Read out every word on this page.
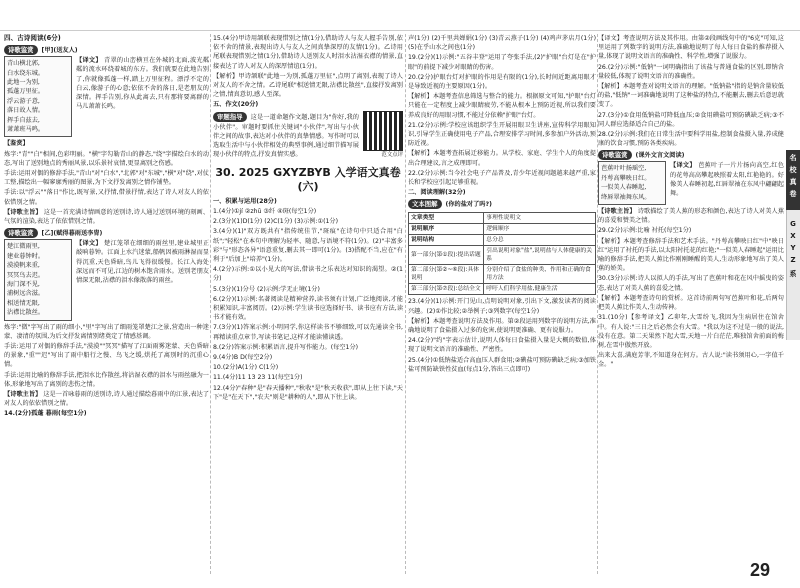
四、古诗阅读(6分)
诗歌鉴赏 [甲](送友人)
青山横北郭,
白水绕东城。
此地一为别,
孤蓬万里征。
浮云游子意,
落日故人情。
挥手自兹去,
萧萧班马鸣。
【译文】 青翠的山峦横亘在外城的北面,波光粼粼的流水环绕着城的东方。我们就要在此地告别了,你就像孤蓬一样,踏上万里征程。漂浮不定的白云,像游子的心意;依依不舍的落日,是老朋友的深情。挥手告别,你从此离去,只有那将要离群的马儿萧萧长鸣。
【鉴赏】
炼字:"青""白"相间,色彩明丽。"横"字勾勒青山的静态,"绕"字描绘白水的动态,写出了送别地点的秀丽风景,以乐景衬哀情,更显离别之伤感。
手法:运用对偶的修辞手法,"青山"对"白水","北郭"对"东城","横"对"绕",对仗工整,描绘出一幅寥廓秀丽的图景,为下文抒发离别之情作铺垫。
手法:以"浮云""落日"作比,既写景,又抒情,借景抒情,表达了诗人对友人的依依惜别之情。
【诗歌主旨】 这是一首充满诗情画意的送别诗,诗人通过送别环境的刻画、气氛的渲染,表达了依依惜别之情。
诗歌鉴赏 [乙](赋得暮雨送李胄)
楚江微雨里,
建业暮钟时。
漠漠帆来重,
冥冥鸟去迟。
海门深不见,
浦树远含滋。
相送情无限,
沾襟比散丝。
【译文】 楚江笼罩在细细的雨丝里,建业城里正敲响暮钟。江面上水汽迷蒙,船帆因被雨淋湿而显得沉重,天色昏暗,鸟儿飞得很缓慢。长江入海处深远而不可见,江边的树木饱含雨水。送别老朋友情深无限,沾襟的泪水像散落的雨丝。
炼字:"微"字写出了雨的细小,"里"字写出了细雨笼罩楚江之景,营造出一种迷蒙、凄清的氛围,为后文抒发离情别绪奠定了情感基调。
手法:运用了对偶的修辞手法,"漠漠""冥冥"描写了江面雨雾迷蒙、天色昏暗的景象,"重""迟"写出了雨中船行之慢、鸟飞之缓,烘托了离别时的沉重心情。
手法:运用比喻的修辞手法,把泪水比作散丝,将沾湿衣襟的泪水与雨丝融为一体,形象地写出了离别的悲伤之情。
【诗歌主旨】 这是一首咏暮雨的送别诗,诗人通过描绘暮雨中的江景,表达了对友人的依依惜别之情。
14.(2分)孤蓬 暮雨(每空1分)
15.(4分)甲诗用颔联表现惜别之情(1分),借助诗人与友人握手告别,依依不舍的情景,表现出诗人与友人之间真挚深厚的友情(1分)。乙诗用尾联表现惜别之情(1分),借助诗人送别友人时泪水沾湿衣襟的情景,直接表达了诗人对友人的深厚情谊(1分)。
【解析】甲诗颔联"此地一为别,孤蓬万里征",点明了离别,表现了诗人对友人的不舍之情。乙诗尾联"相送情无限,沾襟比散丝",直接抒发离别之情,情真意切,感人至深。
五、作文(20分)
范文点评
审题指导 这是一道命题作文题,题目为"你好,我的小伙伴"。审题时要抓住关键词"小伙伴",写出与小伙伴之间的故事,表达对小伙伴的真挚情感。写作时可以选取生活中与小伙伴相处的典型事例,通过细节描写展现小伙伴的特点,抒发真情实感。
30. 2025 GXYZBYB 入学语文真卷(六)
一、积累与运用(28分)
1.(4分)①jí ②zhū ③纤 ④斑(每空1分)
2.(3分)(1)D(1分) (2)C(1分) (3)示例:①(1分)
3.(4分)(1)"双方既共有"指传统佳节,"斑痕"在诗句中只适合用"白纸";"轻松"在本句中理解为轻率、随意,与语境不符(1分)。(2)"丰富多彩"与"形态各异"语意重复,删去其一即可(1分)。(3)搭配不当,应在"有利于"后加上"培养"(1分)。
4.(2分)示例:①以小见大的写法,借读书之乐表达对知识的渴望。②(1分)
5.(3分)(1)分号 (2)示例:学无止境(1分)
6.(2分)(1)示例:名著阅读是精神营养,读书须有计划,广泛地阅读,才能积累知识,丰富阅历。(2)示例:学生读书应选择好书、读书应有方法,读书才能有效。
7.(3分)(1)答案示例:小明同学,你这样读书不够细致,可以先通读全书,再精读重点章节,写读书笔记,这样才能读懂读透。
8.(2分)答案示例:积累语言,提升写作能力。(每空1分)
9.(4分)B D(每空2分)
10.(2分)A(1分) C(1分)
11.(4分)11 13 23 11(每空1分)
12.(4分)"春种"是"春天播种","秋收"是"秋天收获",即从上往下读,"天下"是"在天下","农夫"则是"耕种的人",即从下往上读。
声(1分) (2)千里共婵娟(1分) (3)青云燕子(1分) (4)鸡声茅店月(1分) (5)在乎山水之间也(1分)
19.(2分)(1)示例:"五谷丰登"运用了夸张手法,(2)"护眼"台灯是在"护眼"的前提下减少对眼睛的伤害。
20.(2分)护眼台灯对护眼的作用是有限的(1分),长时间近距离用眼才是导致近视的主要原因(1分)。
【解析】本题考查信息筛选与整合的能力。根据原文可知,"护眼"台灯只能在一定程度上减少眼睛疲劳,不能从根本上预防近视,所以我们要养成良好的用眼习惯,不能过分依赖"护眼"台灯。
21.(2分)示例:学校应该组织学生开展用眼卫生讲座,宣传科学用眼知识,引导学生正确使用电子产品,合理安排学习时间,多参加户外活动,预防近视。
【解析】本题考查拓展迁移能力。从学校、家庭、学生个人的角度提出合理建议,言之成理即可。
22.(2分)示例:当今社会电子产品普及,青少年近视问题越来越严重,家长和学校应引起足够重视。
二、阅读理解(32分)
文本图解 (你的盐对了吗?)
文章类型	事理性说明文
说明顺序	逻辑顺序
说明结构	总分总
第一部分(第①段):提出话题	引出说明对象"盐",说明盐与人体健康的关系
第二部分(第②~⑥段):具体说明	分别介绍了食盐的种类、作用和正确的食用方法
第三部分(第⑦段):总结全文	呼吁人们科学用盐,健康生活
23.(4分)(1)示例:开门见山,点明说明对象,引出下文,激发读者的阅读兴趣。(2)①作比较;②举例子;③列数字(每空1分)
【解析】本题考查说明方法及作用。第②段运用列数字的说明方法,准确地说明了食盐摄入过多的危害,使说明更准确、更有说服力。
24.(2分)"约"字表示估计,说明人体每日食盐摄入量是大概的数值,体现了说明文语言的准确性、严密性。
25.(4分)①低钠盐适合高血压人群食用;②碘盐可预防碘缺乏病;③加铁盐可预防缺铁性贫血(每点1分,答出三点即可)
【译文】考查说明方法及其作用。由第②段画线句中的"6克"可知,这里运用了列数字的说明方法,准确地说明了每人每日食盐的推荐摄入量,体现了说明文语言的准确性、科学性,增强了说服力。
26.(2分)示例:"低钠"一词明确指出了该盐与普通食盐的区别,即钠含量较低,体现了说明文语言的准确性。
【解析】本题考查对说明文语言的理解。"低钠盐"指的是钠含量较低的盐,"低钠"一词准确地说明了这种盐的特点,不能删去,删去后意思就变了。
27.(3分)①食用低钠盐可降低血压;②食用碘盐可预防碘缺乏病;③不同人群应选择适合自己的盐。
28.(2分)示例:我们在日常生活中要科学用盐,控制食盐摄入量,养成健康的饮食习惯,预防各类疾病。
诗歌鉴赏 (课外文言文阅读)
芭蕉叶叶扬瑶空,
丹萼高攀映日红。
一似美人春睡起,
绛唇翠袖舞东风。
【译文】 芭蕉叶子一片片扬向高空,红色的花萼高高攀起映照着太阳,红艳艳的。好像美人春睡初起,红唇翠袖在东风中翩翩起舞。
【诗歌主旨】 诗歌描绘了美人蕉的形态和颜色,表达了诗人对美人蕉的喜爱和赞美之情。
29.(2分)示例:比喻 衬托(每空1分)
【解析】本题考查修辞手法和艺术手法。"丹萼高攀映日红"中"映日红"运用了衬托的手法,以太阳衬托花的红艳;"一似美人春睡起"运用比喻的修辞手法,把美人蕉比作刚刚睡醒的美人,生动形象地写出了美人蕉的娇美。
30.(3分)示例:诗人以拟人的手法,写出了芭蕉叶和花在风中摇曳的姿态,表达了对美人蕉的喜爱之情。
【解析】本题考查诗句的赏析。这首诗前两句写芭蕉叶和花,后两句把美人蕉比作美人,生动传神。
31.(10分)【参考译文】乙卯年,大雪纷飞,我因为生病居住在馆舍中。有人说:"三日之后必然会有大雪。"我以为这不过是一般的说法,没有在意。第二天果然下起大雪,天地一片白茫茫,唯独馆舍前面的梅树,在雪中傲然开放。
出来大喜,满庭芳菲,不知道身在何方。古人说:"读书须用心,一字值千金。"
名
校
真
卷
G
X
Y
Z
系
29
